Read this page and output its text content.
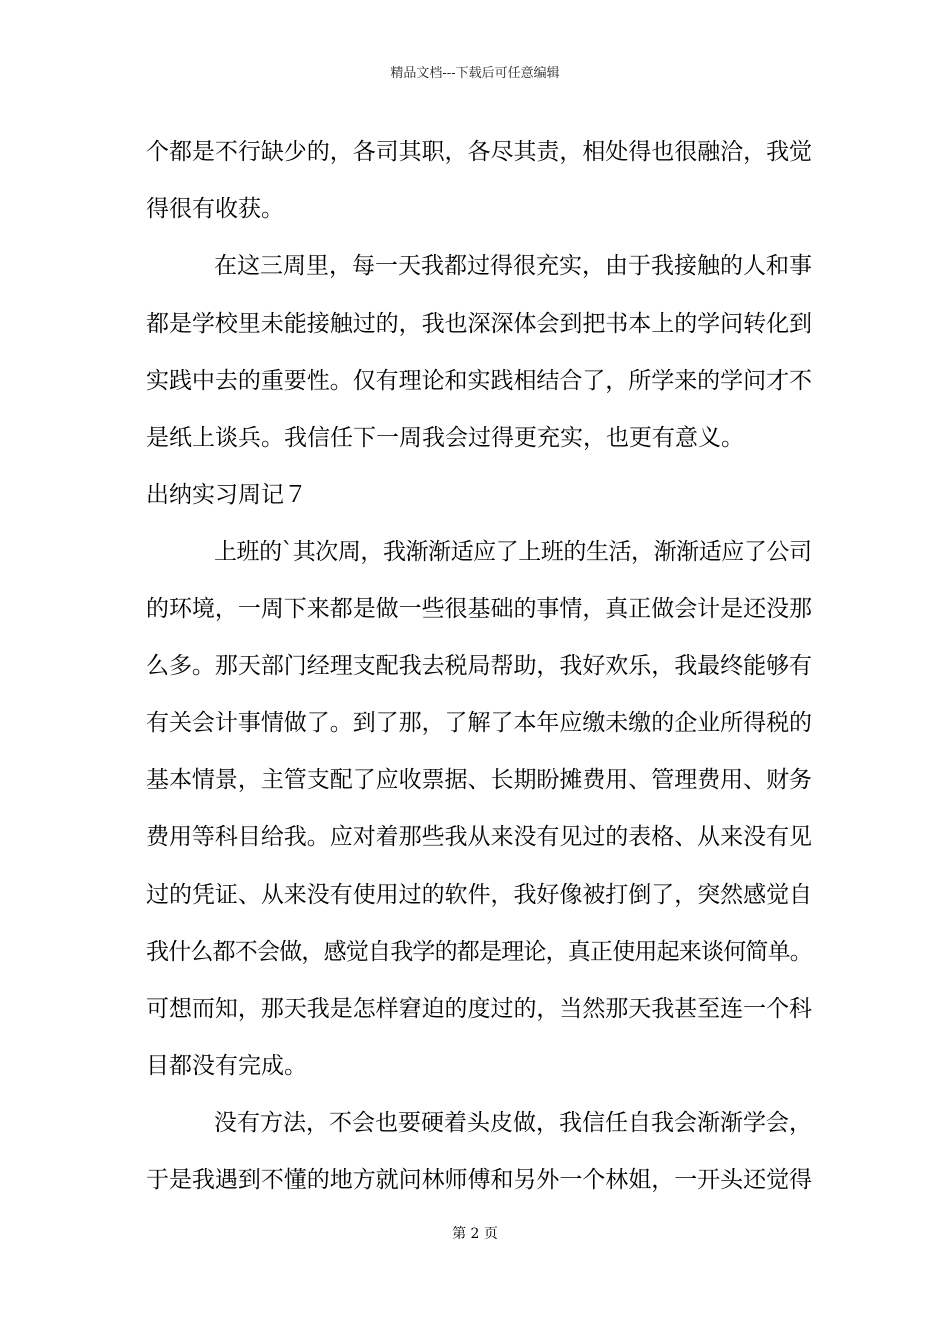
精品文档---下载后可任意编辑
个都是不行缺少的，各司其职，各尽其责，相处得也很融洽，我觉
得很有收获。
在这三周里，每一天我都过得很充实，由于我接触的人和事
都是学校里未能接触过的，我也深深体会到把书本上的学问转化到
实践中去的重要性。仅有理论和实践相结合了，所学来的学问才不
是纸上谈兵。我信任下一周我会过得更充实，也更有意义。
出纳实习周记７
上班的`其次周，我渐渐适应了上班的生活，渐渐适应了公司
的环境，一周下来都是做一些很基础的事情，真正做会计是还没那
么多。那天部门经理支配我去税局帮助，我好欢乐，我最终能够有
有关会计事情做了。到了那，了解了本年应缴未缴的企业所得税的
基本情景，主管支配了应收票据、长期盼摊费用、管理费用、财务
费用等科目给我。应对着那些我从来没有见过的表格、从来没有见
过的凭证、从来没有使用过的软件，我好像被打倒了，突然感觉自
我什么都不会做，感觉自我学的都是理论，真正使用起来谈何简单。
可想而知，那天我是怎样窘迫的度过的，当然那天我甚至连一个科
目都没有完成。
没有方法，不会也要硬着头皮做，我信任自我会渐渐学会，
于是我遇到不懂的地方就问林师傅和另外一个林姐，一开头还觉得
第 2 页
